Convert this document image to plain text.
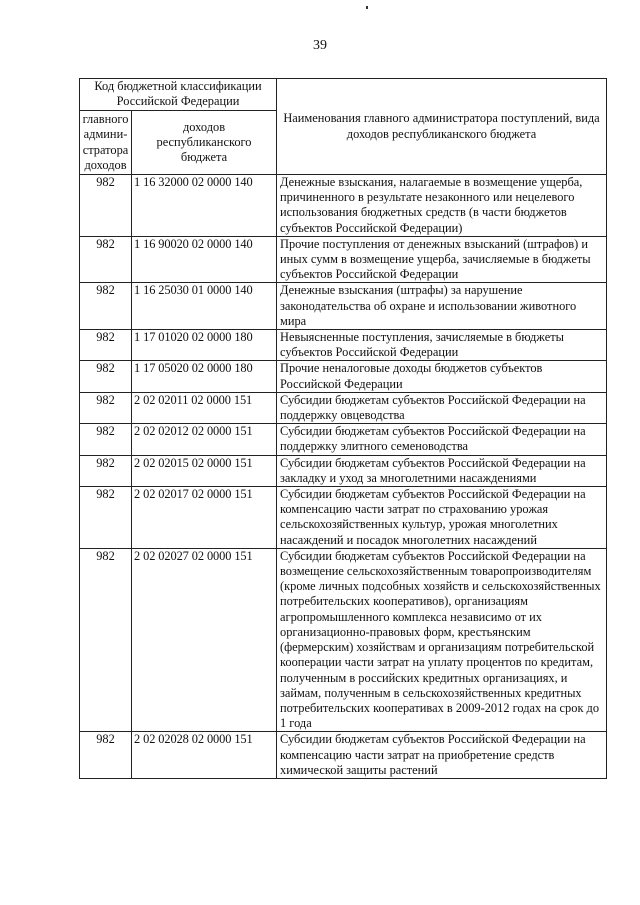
39
Код бюджетной классификации Российской Федерации		Наименования главного администратора поступлений, вида доходов республиканского бюджета
главного админи-стратора доходов	доходов республиканского бюджета	
982	1 16 32000 02 0000 140	Денежные взыскания, налагаемые в возмещение ущерба, причиненного в результате незаконного или нецелевого использования бюджетных средств (в части бюджетов субъектов Российской Федерации)
982	1 16 90020 02 0000 140	Прочие поступления от денежных взысканий (штрафов) и иных сумм в возмещение ущерба, зачисляемые в бюджеты субъектов Российской Федерации
982	1 16 25030 01 0000 140	Денежные взыскания (штрафы) за нарушение законодательства об охране и использовании животного мира
982	1 17 01020 02 0000 180	Невыясненные поступления, зачисляемые в бюджеты субъектов Российской Федерации
982	1 17 05020 02 0000 180	Прочие неналоговые доходы бюджетов субъектов Российской Федерации
982	2 02 02011 02 0000 151	Субсидии бюджетам субъектов Российской Федерации на поддержку овцеводства
982	2 02 02012 02 0000 151	Субсидии бюджетам субъектов Российской Федерации на поддержку элитного семеноводства
982	2 02 02015 02 0000 151	Субсидии бюджетам субъектов Российской Федерации на закладку и уход за многолетними насаждениями
982	2 02 02017 02 0000 151	Субсидии бюджетам субъектов Российской Федерации на компенсацию части затрат по страхованию урожая сельскохозяйственных культур, урожая многолетних насаждений и посадок многолетних насаждений
982	2 02 02027 02 0000 151	Субсидии бюджетам субъектов Российской Федерации на возмещение сельскохозяйственным товаропроизводителям (кроме личных подсобных хозяйств и сельскохозяйственных потребительских кооперативов), организациям агропромышленного комплекса независимо от их организационно-правовых форм, крестьянским (фермерским) хозяйствам и организациям потребительской кооперации части затрат на уплату процентов по кредитам, полученным в российских кредитных организациях, и займам, полученным в сельскохозяйственных кредитных потребительских кооперативах в 2009-2012 годах на срок до 1 года
982	2 02 02028 02 0000 151	Субсидии бюджетам субъектов Российской Федерации на компенсацию части затрат на приобретение средств химической защиты растений
